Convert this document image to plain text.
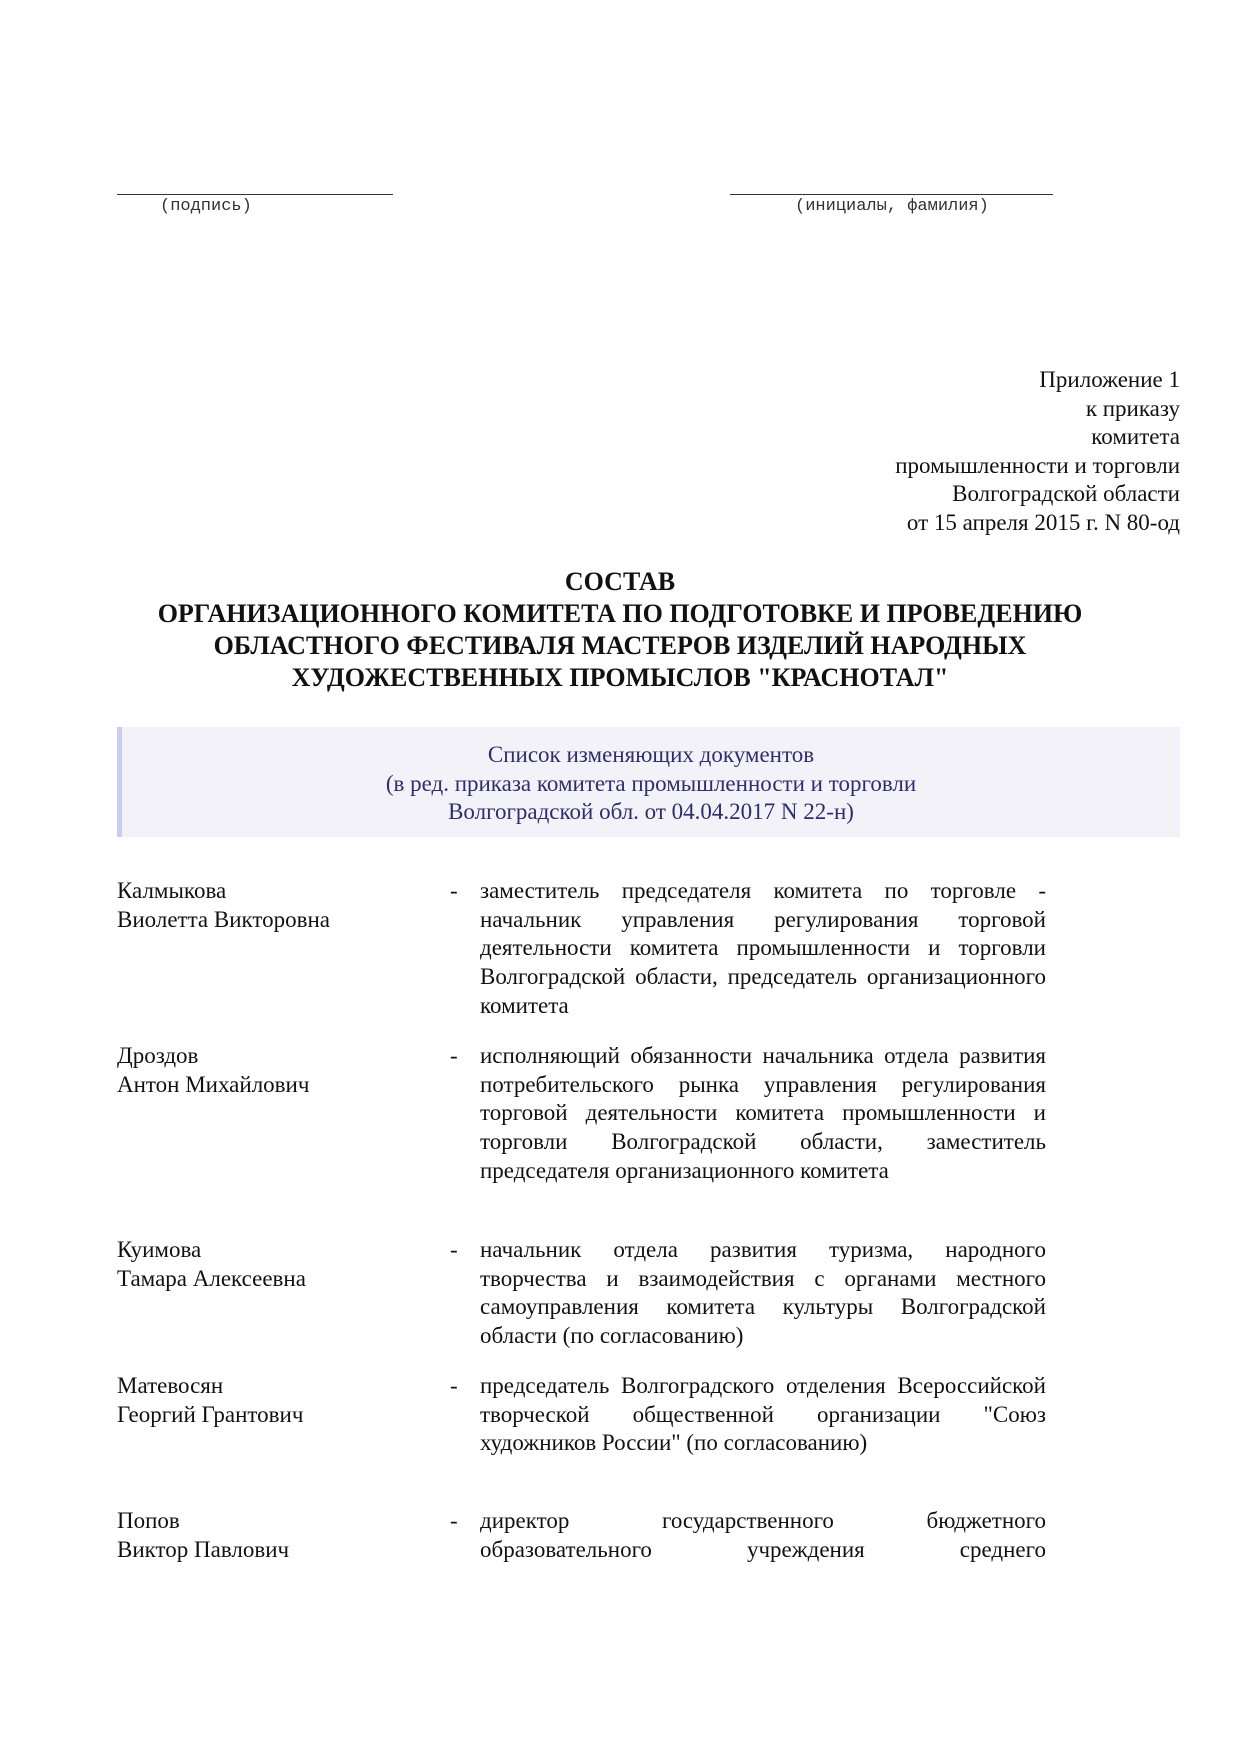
(подпись)	(инициалы, фамилия)
Приложение 1
к приказу
комитета
промышленности и торговли
Волгоградской области
от 15 апреля 2015 г. N 80-од
СОСТАВ
ОРГАНИЗАЦИОННОГО КОМИТЕТА ПО ПОДГОТОВКЕ И ПРОВЕДЕНИЮ
ОБЛАСТНОГО ФЕСТИВАЛЯ МАСТЕРОВ ИЗДЕЛИЙ НАРОДНЫХ
ХУДОЖЕСТВЕННЫХ ПРОМЫСЛОВ "КРАСНОТАЛ"
Список изменяющих документов
(в ред. приказа комитета промышленности и торговли
Волгоградской обл. от 04.04.2017 N 22-н)
Калмыкова
Виолетта Викторовна
- заместитель председателя комитета по торговле - начальник управления регулирования торговой деятельности комитета промышленности и торговли Волгоградской области, председатель организационного комитета
Дроздов
Антон Михайлович
- исполняющий обязанности начальника отдела развития потребительского рынка управления регулирования торговой деятельности комитета промышленности и торговли Волгоградской области, заместитель председателя организационного комитета
Куимова
Тамара Алексеевна
- начальник отдела развития туризма, народного творчества и взаимодействия с органами местного самоуправления комитета культуры Волгоградской области (по согласованию)
Матевосян
Георгий Грантович
- председатель Волгоградского отделения Всероссийской творческой общественной организации "Союз художников России" (по согласованию)
Попов
Виктор Павлович
- директор государственного бюджетного образовательного учреждения среднего
